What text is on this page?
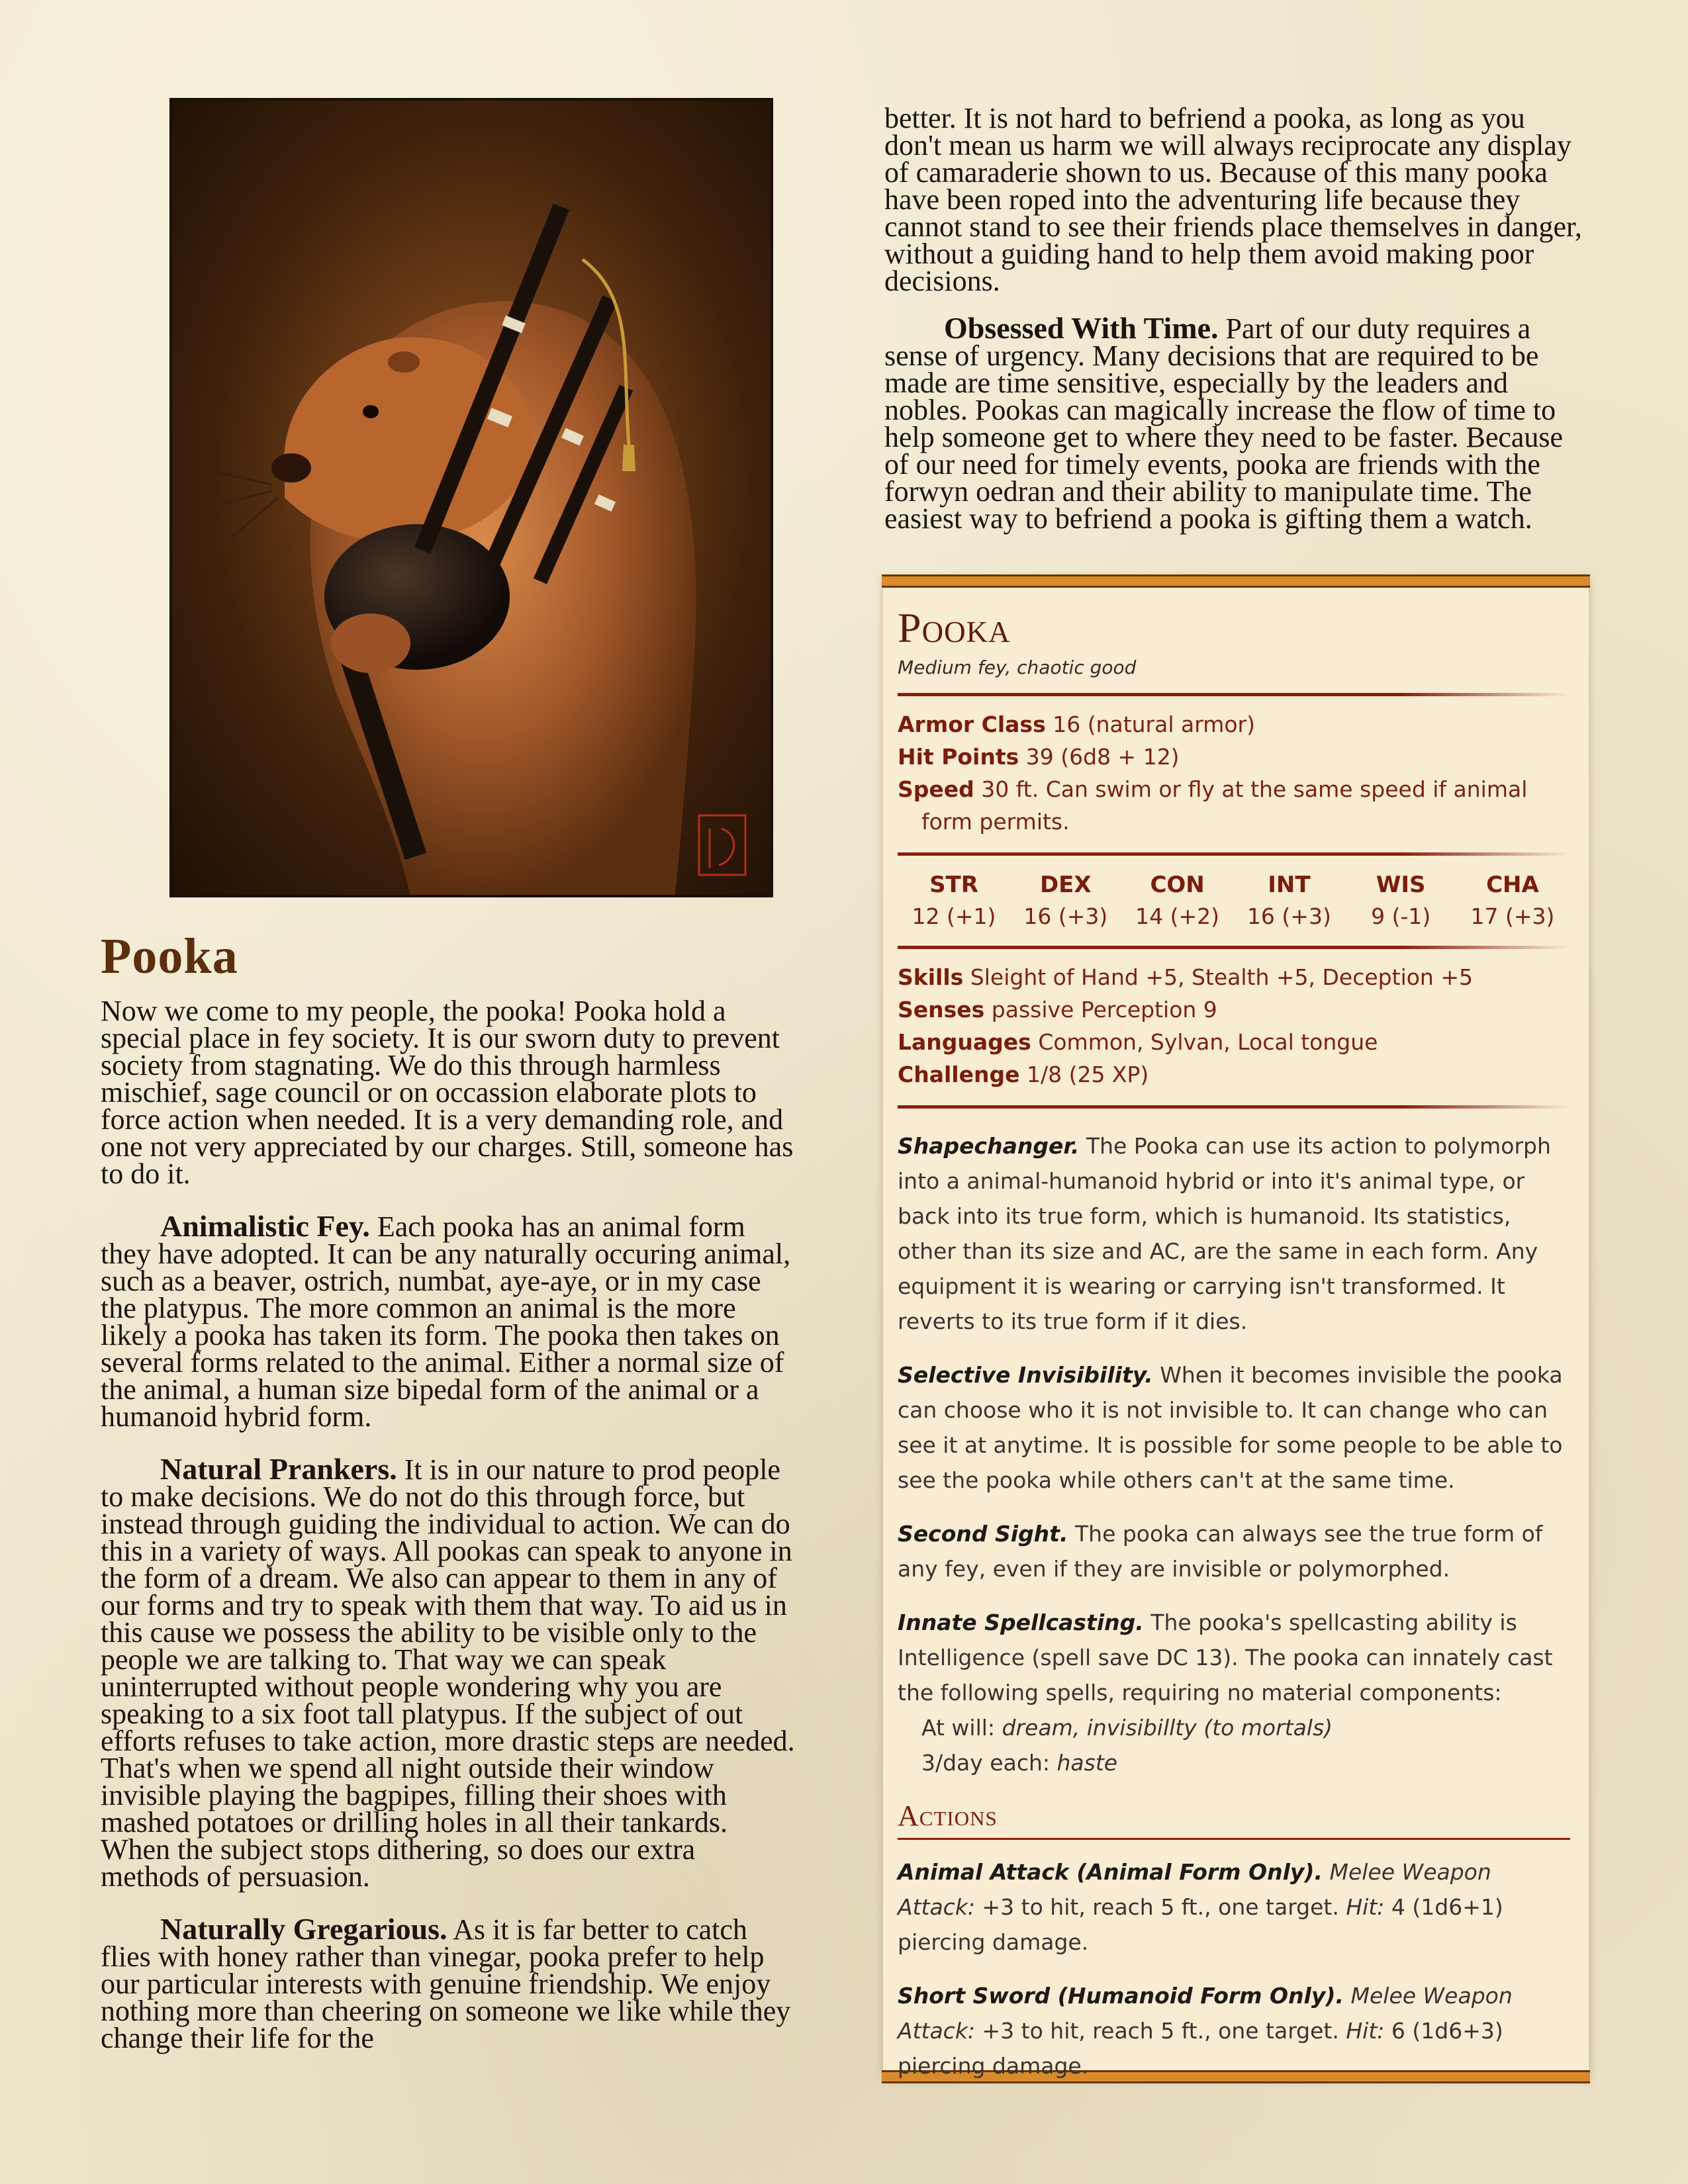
Pooka

Now we come to my people, the pooka! Pooka hold a special place in fey society. It is our sworn duty to prevent society from stagnating. We do this through harmless mischief, sage council or on occassion elaborate plots to force action when needed. It is a very demanding role, and one not very appreciated by our charges. Still, someone has to do it.

Animalistic Fey. Each pooka has an animal form they have adopted. It can be any naturally occuring animal, such as a beaver, ostrich, numbat, aye-aye, or in my case the platypus. The more common an animal is the more likely a pooka has taken its form. The pooka then takes on several forms related to the animal. Either a normal size of the animal, a human size bipedal form of the animal or a humanoid hybrid form.

Natural Prankers. It is in our nature to prod people to make decisions. We do not do this through force, but instead through guiding the individual to action. We can do this in a variety of ways. All pookas can speak to anyone in the form of a dream. We also can appear to them in any of our forms and try to speak with them that way. To aid us in this cause we possess the ability to be visible only to the people we are talking to. That way we can speak uninterrupted without people wondering why you are speaking to a six foot tall platypus. If the subject of out efforts refuses to take action, more drastic steps are needed. That's when we spend all night outside their window invisible playing the bagpipes, filling their shoes with mashed potatoes or drilling holes in all their tankards. When the subject stops dithering, so does our extra methods of persuasion.

Naturally Gregarious. As it is far better to catch flies with honey rather than vinegar, pooka prefer to help our particular interests with genuine friendship. We enjoy nothing more than cheering on someone we like while they change their life for the

better. It is not hard to befriend a pooka, as long as you don't mean us harm we will always reciprocate any display of camaraderie shown to us. Because of this many pooka have been roped into the adventuring life because they cannot stand to see their friends place themselves in danger, without a guiding hand to help them avoid making poor decisions.

Obsessed With Time. Part of our duty requires a sense of urgency. Many decisions that are required to be made are time sensitive, especially by the leaders and nobles. Pookas can magically increase the flow of time to help someone get to where they need to be faster. Because of our need for timely events, pooka are friends with the forwyn oedran and their ability to manipulate time. The easiest way to befriend a pooka is gifting them a watch.

Pooka
Medium fey, chaotic good
Armor Class 16 (natural armor)
Hit Points 39 (6d8 + 12)
Speed 30 ft. Can swim or fly at the same speed if animal form permits.
STR
12 (+1)
DEX
16 (+3)
CON
14 (+2)
INT
16 (+3)
WIS
9 (-1)
CHA
17 (+3)
Skills Sleight of Hand +5, Stealth +5, Deception +5
Senses passive Perception 9
Languages Common, Sylvan, Local tongue
Challenge 1/8 (25 XP)
Shapechanger. The Pooka can use its action to polymorph into a animal-humanoid hybrid or into it's animal type, or back into its true form, which is humanoid. Its statistics, other than its size and AC, are the same in each form. Any equipment it is wearing or carrying isn't transformed. It reverts to its true form if it dies.
Selective Invisibility. When it becomes invisible the pooka can choose who it is not invisible to. It can change who can see it at anytime. It is possible for some people to be able to see the pooka while others can't at the same time.
Second Sight. The pooka can always see the true form of any fey, even if they are invisible or polymorphed.
Innate Spellcasting. The pooka's spellcasting ability is Intelligence (spell save DC 13). The pooka can innately cast the following spells, requiring no material components:
At will: dream, invisibillty (to mortals)
3/day each: haste
Actions
Animal Attack (Animal Form Only). Melee Weapon Attack: +3 to hit, reach 5 ft., one target. Hit: 4 (1d6+1) piercing damage.
Short Sword (Humanoid Form Only). Melee Weapon Attack: +3 to hit, reach 5 ft., one target. Hit: 6 (1d6+3) piercing damage.
